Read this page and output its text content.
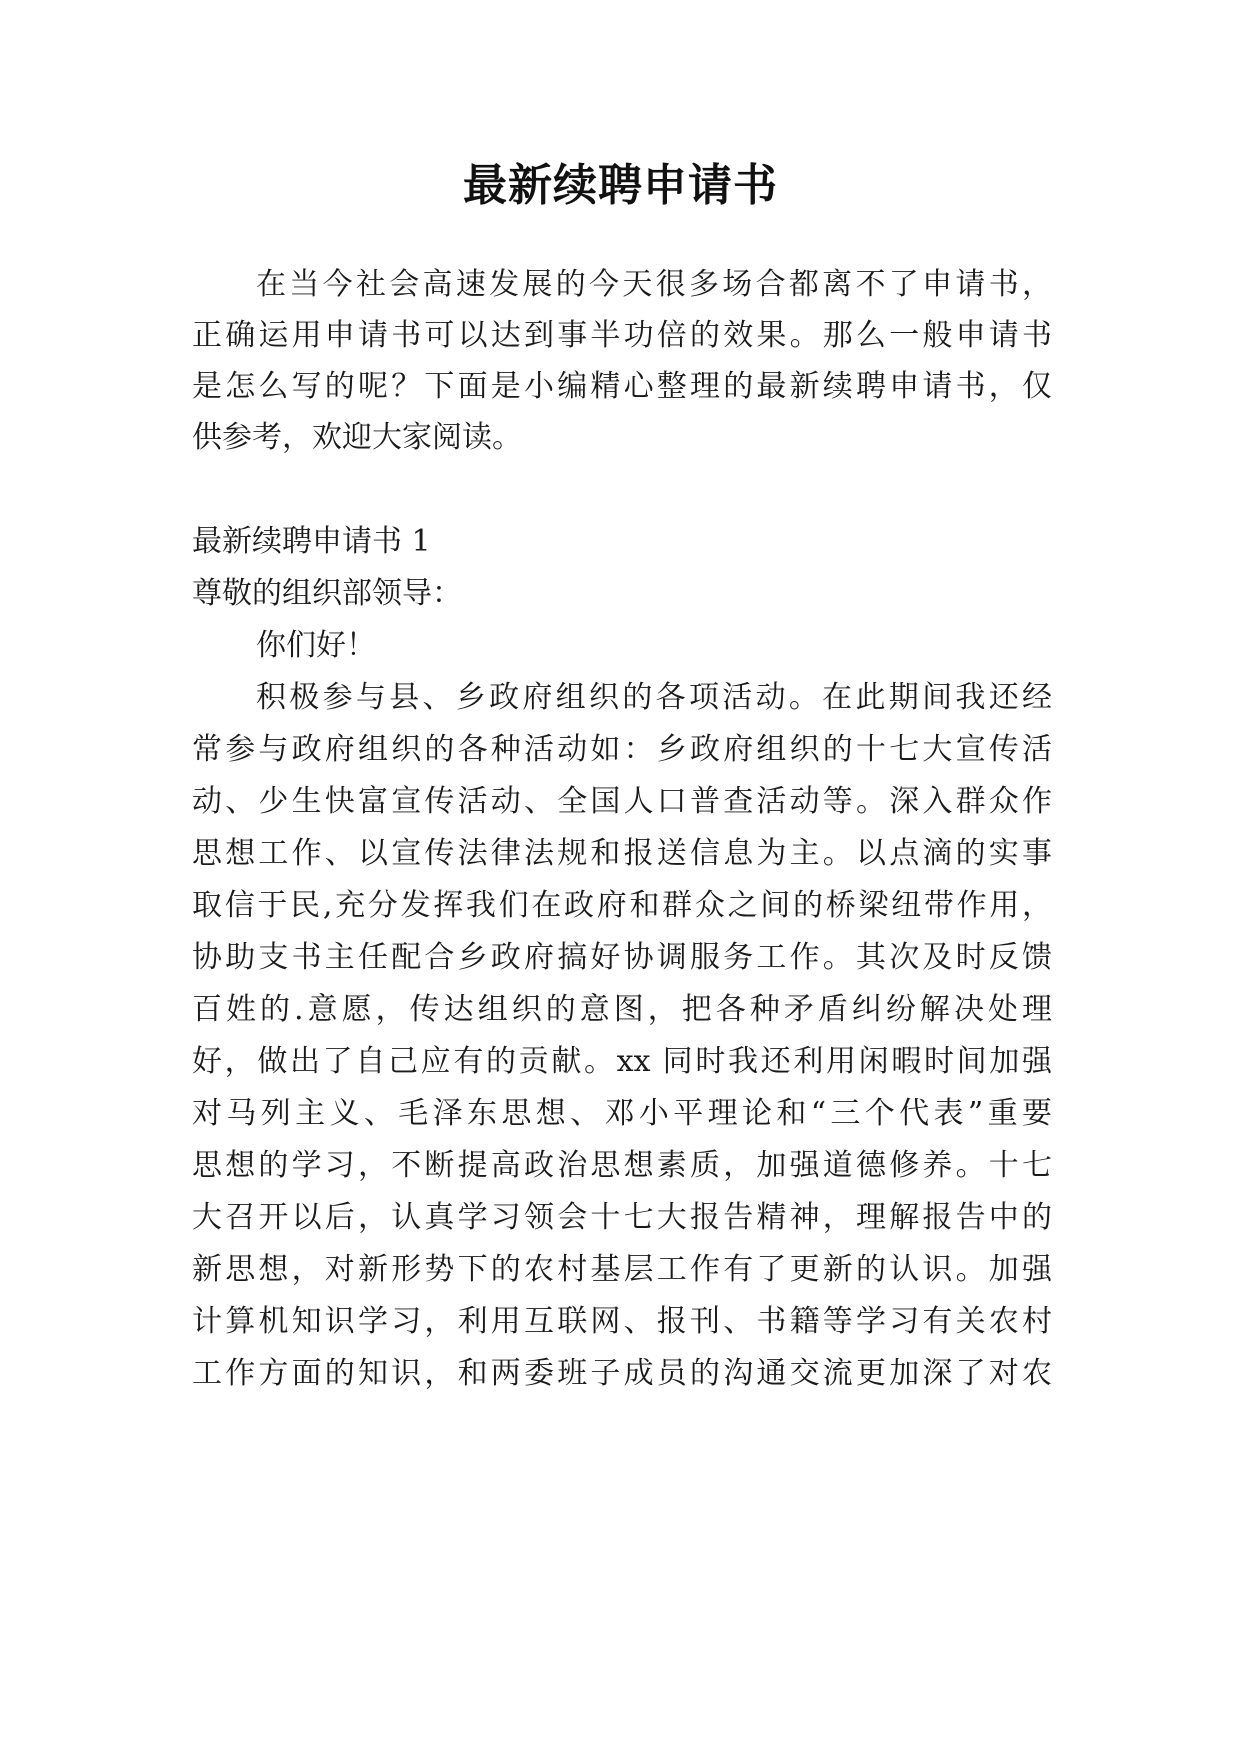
最新续聘申请书
在当今社会高速发展的今天很多场合都离不了申请书，
正确运用申请书可以达到事半功倍的效果。那么一般申请书
是怎么写的呢？下面是小编精心整理的最新续聘申请书，仅
供参考，欢迎大家阅读。
最新续聘申请书 1
尊敬的组织部领导：
你们好！
积极参与县、乡政府组织的各项活动。在此期间我还经
常参与政府组织的各种活动如：乡政府组织的十七大宣传活
动、少生快富宣传活动、全国人口普查活动等。深入群众作
思想工作、以宣传法律法规和报送信息为主。以点滴的实事
取信于民,充分发挥我们在政府和群众之间的桥梁纽带作用，
协助支书主任配合乡政府搞好协调服务工作。其次及时反馈
百姓的.意愿，传达组织的意图，把各种矛盾纠纷解决处理
好，做出了自己应有的贡献。xx 同时我还利用闲暇时间加强
对马列主义、毛泽东思想、邓小平理论和“三个代表”重要
思想的学习，不断提高政治思想素质，加强道德修养。十七
大召开以后，认真学习领会十七大报告精神，理解报告中的
新思想，对新形势下的农村基层工作有了更新的认识。加强
计算机知识学习，利用互联网、报刊、书籍等学习有关农村
工作方面的知识，和两委班子成员的沟通交流更加深了对农
